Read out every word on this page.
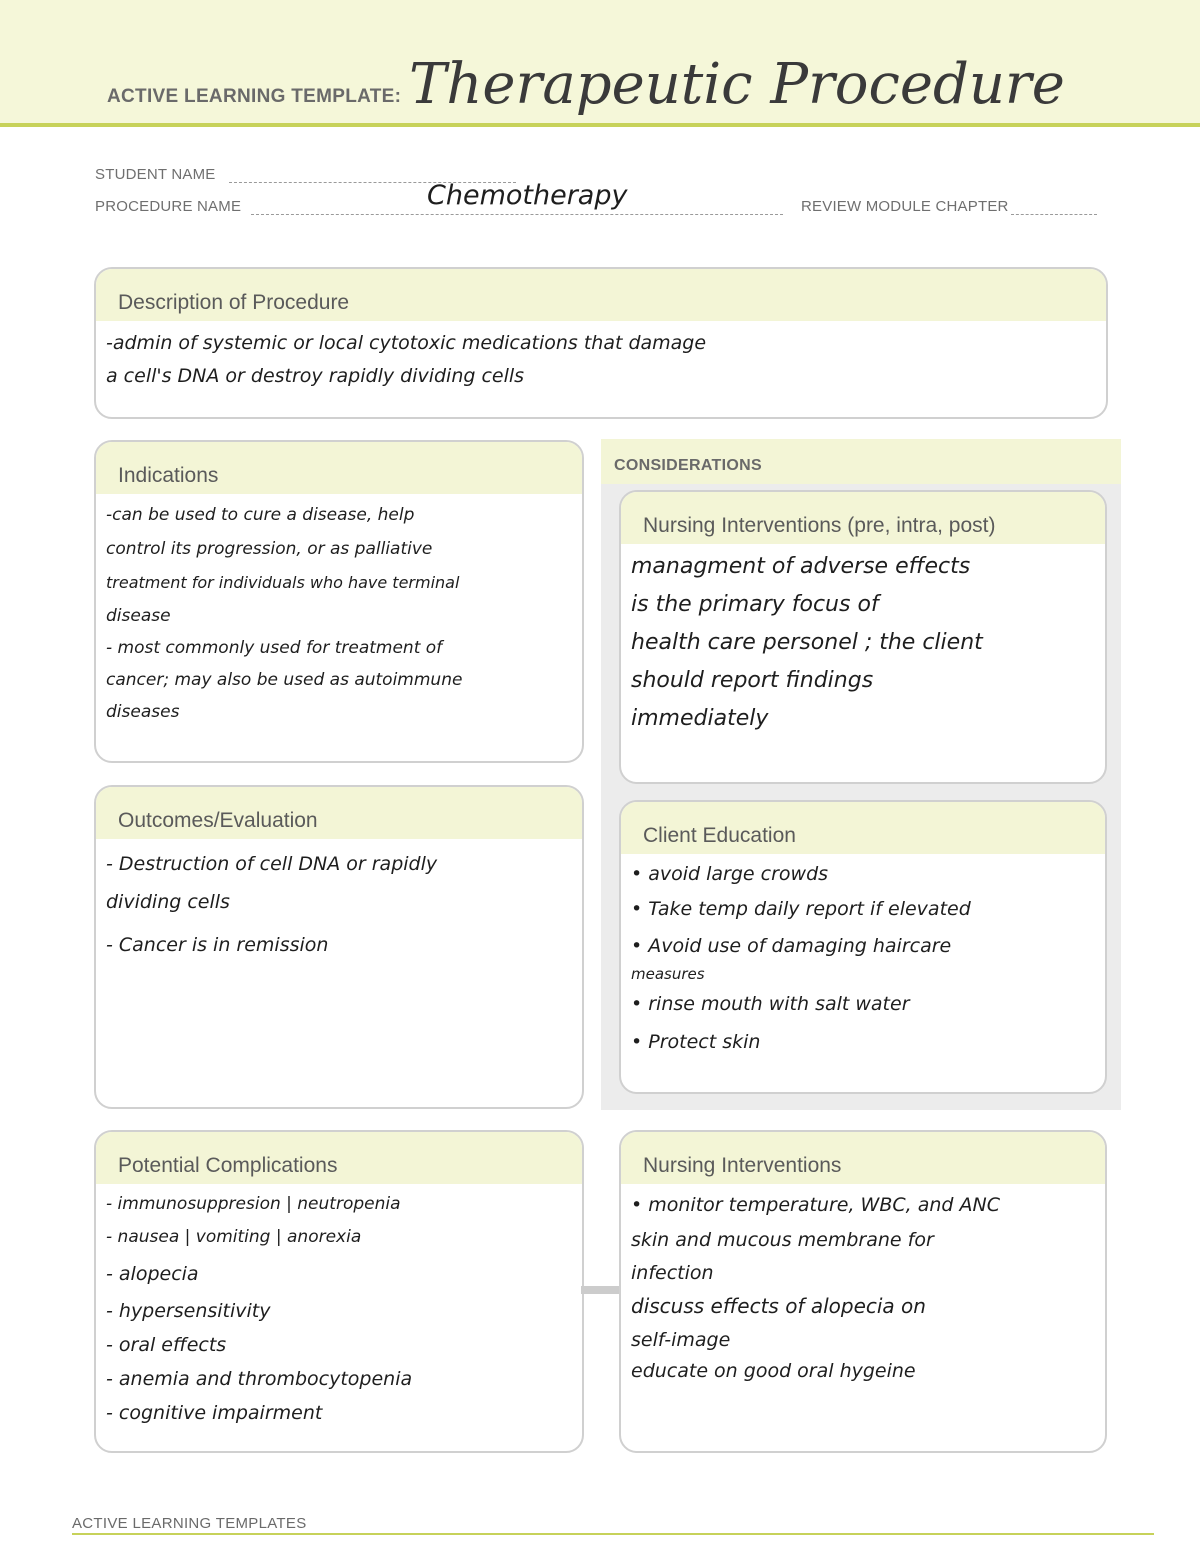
ACTIVE LEARNING TEMPLATE: Therapeutic Procedure
STUDENT NAME
PROCEDURE NAME	Chemotherapy	REVIEW MODULE CHAPTER
Description of Procedure
-admin of systemic or local cytotoxic medications that damage
a cell's DNA or destroy rapidly dividing cells
Indications
-can be used to cure a disease, help
control its progression, or as palliative
treatment for individuals who have terminal
disease
- most commonly used for treatment of
cancer; may also be used as autoimmune
diseases
CONSIDERATIONS
Nursing Interventions (pre, intra, post)
managment of adverse effects
is the primary focus of
health care personel ; the client
should report findings
immediately
Outcomes/Evaluation
- Destruction of cell DNA or rapidly
dividing cells
- Cancer is in remission
Client Education
• avoid large crowds
• Take temp daily report if elevated
• Avoid use of damaging haircare
measures
• rinse mouth with salt water
• Protect skin
Potential Complications
- immunosuppresion | neutropenia
- nausea | vomiting | anorexia
- alopecia
- hypersensitivity
- oral effects
- anemia and thrombocytopenia
- cognitive impairment
Nursing Interventions
• monitor temperature, WBC, and ANC
skin and mucous membrane for
infection
discuss effects of alopecia on
self-image
educate on good oral hygeine
ACTIVE LEARNING TEMPLATES
